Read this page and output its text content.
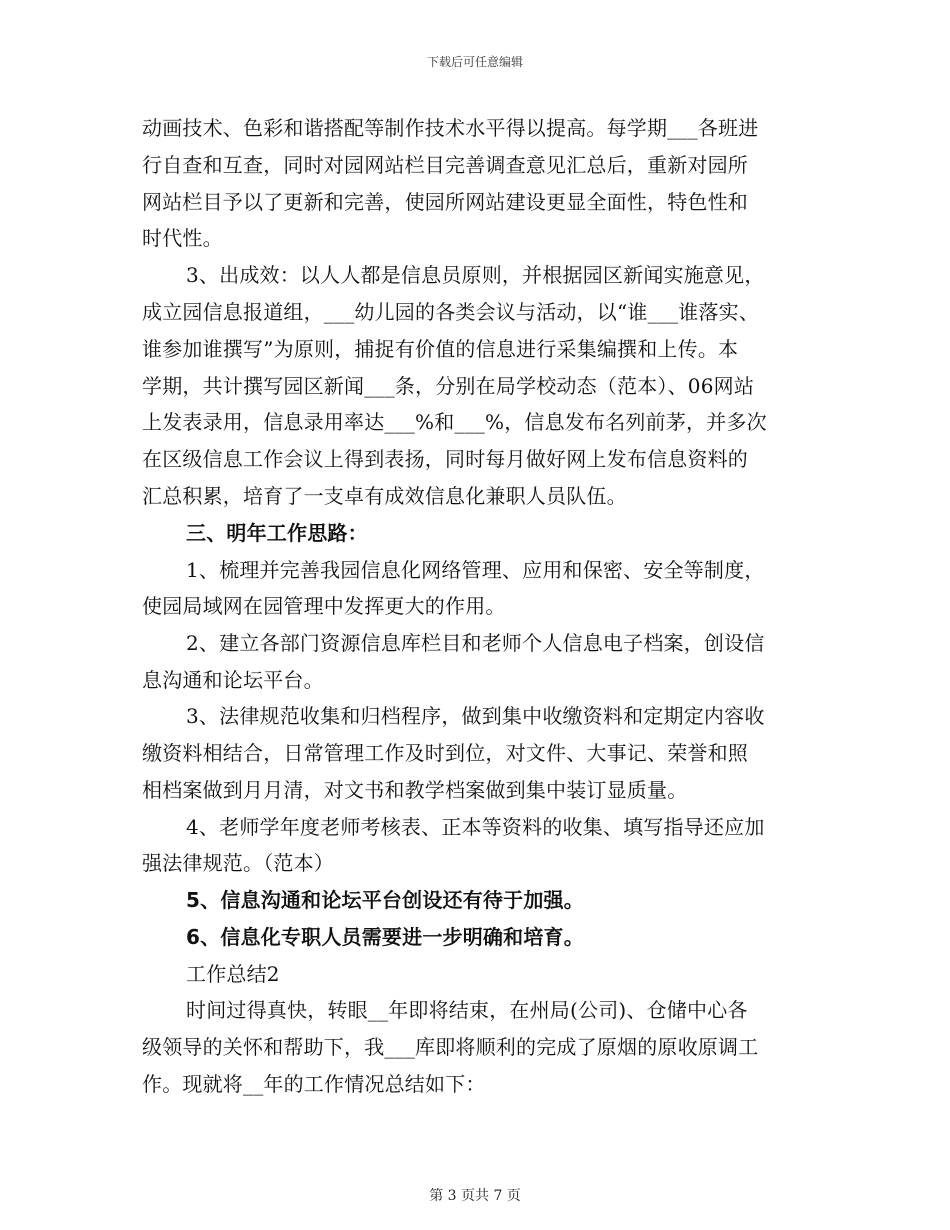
下载后可任意编辑
动画技术、色彩和谐搭配等制作技术水平得以提高。每学期___各班进
行自查和互查，同时对园网站栏目完善调查意见汇总后，重新对园所
网站栏目予以了更新和完善，使园所网站建设更显全面性，特色性和
时代性。
3、出成效：以人人都是信息员原则，并根据园区新闻实施意见，
成立园信息报道组，___幼儿园的各类会议与活动，以“谁___谁落实、
谁参加谁撰写”为原则，捕捉有价值的信息进行采集编撰和上传。本
学期，共计撰写园区新闻___条，分别在局学校动态（范本）、06网站
上发表录用，信息录用率达___%和___%，信息发布名列前茅，并多次
在区级信息工作会议上得到表扬，同时每月做好网上发布信息资料的
汇总积累，培育了一支卓有成效信息化兼职人员队伍。
三、明年工作思路：
1、梳理并完善我园信息化网络管理、应用和保密、安全等制度，
使园局域网在园管理中发挥更大的作用。
2、建立各部门资源信息库栏目和老师个人信息电子档案，创设信
息沟通和论坛平台。
3、法律规范收集和归档程序，做到集中收缴资料和定期定内容收
缴资料相结合，日常管理工作及时到位，对文件、大事记、荣誉和照
相档案做到月月清，对文书和教学档案做到集中装订显质量。
4、老师学年度老师考核表、正本等资料的收集、填写指导还应加
强法律规范。（范本）
5、信息沟通和论坛平台创设还有待于加强。
6、信息化专职人员需要进一步明确和培育。
工作总结2
时间过得真快，转眼__年即将结束，在州局(公司)、仓储中心各
级领导的关怀和帮助下，我___库即将顺利的完成了原烟的原收原调工
作。现就将__年的工作情况总结如下：
第 3 页共 7 页
